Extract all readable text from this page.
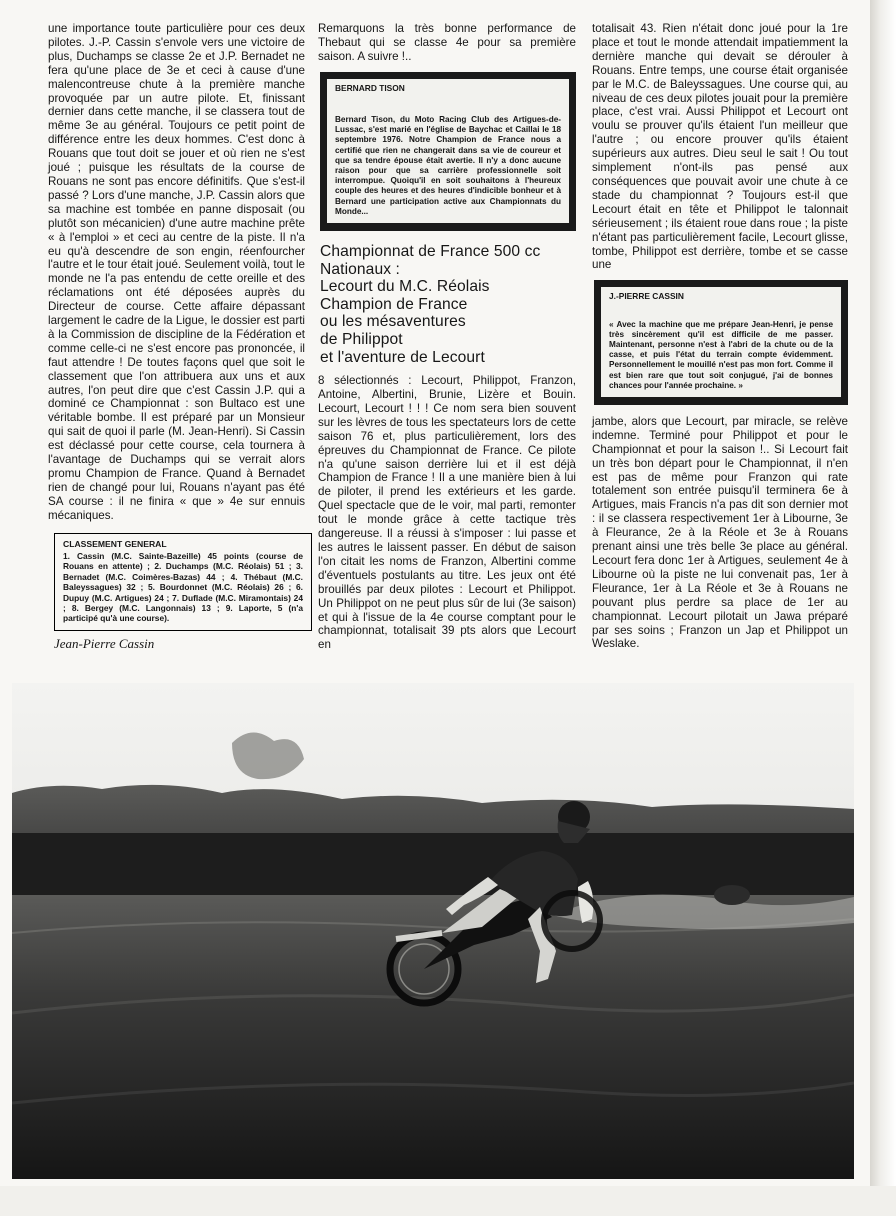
une importance toute particulière pour ces deux pilotes. J.-P. Cassin s'envole vers une victoire de plus, Duchamps se classe 2e et J.P. Bernadet ne fera qu'une place de 3e et ceci à cause d'une malencontreuse chute à la première manche provoquée par un autre pilote. Et, finissant dernier dans cette manche, il se classera tout de même 3e au général. Toujours ce petit point de différence entre les deux hommes. C'est donc à Rouans que tout doit se jouer et où rien ne s'est joué ; puisque les résultats de la course de Rouans ne sont pas encore définitifs. Que s'est-il passé ? Lors d'une manche, J.P. Cassin alors que sa machine est tombée en panne disposait (ou plutôt son mécanicien) d'une autre machine prête « à l'emploi » et ceci au centre de la piste. Il n'a eu qu'à descendre de son engin, réenfourcher l'autre et le tour était joué. Seulement voilà, tout le monde ne l'a pas entendu de cette oreille et des réclamations ont été déposées auprès du Directeur de course. Cette affaire dépassant largement le cadre de la Ligue, le dossier est parti à la Commission de discipline de la Fédération et comme celle-ci ne s'est encore pas prononcée, il faut attendre ! De toutes façons quel que soit le classement que l'on attribuera aux uns et aux autres, l'on peut dire que c'est Cassin J.P. qui a dominé ce Championnat : son Bultaco est une véritable bombe. Il est préparé par un Monsieur qui sait de quoi il parle (M. Jean-Henri). Si Cassin est déclassé pour cette course, cela tournera à l'avantage de Duchamps qui se verrait alors promu Champion de France. Quand à Bernadet rien de changé pour lui, Rouans n'ayant pas été SA course : il ne finira « que » 4e sur ennuis mécaniques.

CLASSEMENT GENERAL
1. Cassin (M.C. Sainte-Bazeille) 45 points (course de Rouans en attente) ; 2. Duchamps (M.C. Réolais) 51 ; 3. Bernadet (M.C. Coimères-Bazas) 44 ; 4. Thébaut (M.C. Baleyssagues) 32 ; 5. Bourdonnet (M.C. Réolais) 26 ; 6. Dupuy (M.C. Artigues) 24 ; 7. Duflade (M.C. Miramontais) 24 ; 8. Bergey (M.C. Langonnais) 13 ; 9. Laporte, 5 (n'a participé qu'à une course).
Jean-Pierre Cassin

Remarquons la très bonne performance de Thebaut qui se classe 4e pour sa première saison. A suivre !..

BERNARD TISON
Bernard Tison, du Moto Racing Club des Artigues-de-Lussac, s'est marié en l'église de Baychac et Caillai le 18 septembre 1976. Notre Champion de France nous a certifié que rien ne changerait dans sa vie de coureur et que sa tendre épouse était avertie. Il n'y a donc aucune raison pour que sa carrière professionnelle soit interrompue. Quoiqu'il en soit souhaitons à l'heureux couple des heures et des heures d'indicible bonheur et à Bernard une participation active aux Championnats du Monde...
Championnat de France 500 cc
Nationaux :
Lecourt du M.C. Réolais
Champion de France
ou les mésaventures
de Philippot
et l'aventure de Lecourt

8 sélectionnés : Lecourt, Philippot, Franzon, Antoine, Albertini, Brunie, Lizère et Bouin. Lecourt, Lecourt ! ! ! Ce nom sera bien souvent sur les lèvres de tous les spectateurs lors de cette saison 76 et, plus particulièrement, lors des épreuves du Championnat de France. Ce pilote n'a qu'une saison derrière lui et il est déjà Champion de France ! Il a une manière bien à lui de piloter, il prend les extérieurs et les garde. Quel spectacle que de le voir, mal parti, remonter tout le monde grâce à cette tactique très dangereuse. Il a réussi à s'imposer : lui passe et les autres le laissent passer. En début de saison l'on citait les noms de Franzon, Albertini comme d'éventuels postulants au titre. Les jeux ont été brouillés par deux pilotes : Lecourt et Philippot. Un Philippot on ne peut plus sûr de lui (3e saison) et qui à l'issue de la 4e course comptant pour le championnat, totalisait 39 pts alors que Lecourt en

totalisait 43. Rien n'était donc joué pour la 1re place et tout le monde attendait impatiemment la dernière manche qui devait se dérouler à Rouans. Entre temps, une course était organisée par le M.C. de Baleyssagues. Une course qui, au niveau de ces deux pilotes jouait pour la première place, c'est vrai. Aussi Philippot et Lecourt ont voulu se prouver qu'ils étaient l'un meilleur que l'autre ; ou encore prouver qu'ils étaient supérieurs aux autres. Dieu seul le sait ! Ou tout simplement n'ont-ils pas pensé aux conséquences que pouvait avoir une chute à ce stade du championnat ? Toujours est-il que Lecourt était en tête et Philippot le talonnait sérieusement ; ils étaient roue dans roue ; la piste n'étant pas particulièrement facile, Lecourt glisse, tombe, Philippot est derrière, tombe et se casse une

J.-PIERRE CASSIN
« Avec la machine que me prépare Jean-Henri, je pense très sincèrement qu'il est difficile de me passer. Maintenant, personne n'est à l'abri de la chute ou de la casse, et puis l'état du terrain compte évidemment. Personnellement le mouillé n'est pas mon fort. Comme il est bien rare que tout soit conjugué, j'ai de bonnes chances pour l'année prochaine. »

jambe, alors que Lecourt, par miracle, se relève indemne. Terminé pour Philippot et pour le Championnat et pour la saison !.. Si Lecourt fait un très bon départ pour le Championnat, il n'en est pas de même pour Franzon qui rate totalement son entrée puisqu'il terminera 6e à Artigues, mais Francis n'a pas dit son dernier mot : il se classera respectivement 1er à Libourne, 3e à Fleurance, 2e à la Réole et 3e à Rouans prenant ainsi une très belle 3e place au général. Lecourt fera donc 1er à Artigues, seulement 4e à Libourne où la piste ne lui convenait pas, 1er à Fleurance, 1er à La Réole et 3e à Rouans ne pouvant plus perdre sa place de 1er au championnat. Lecourt pilotait un Jawa préparé par ses soins ; Franzon un Jap et Philippot un Weslake.
